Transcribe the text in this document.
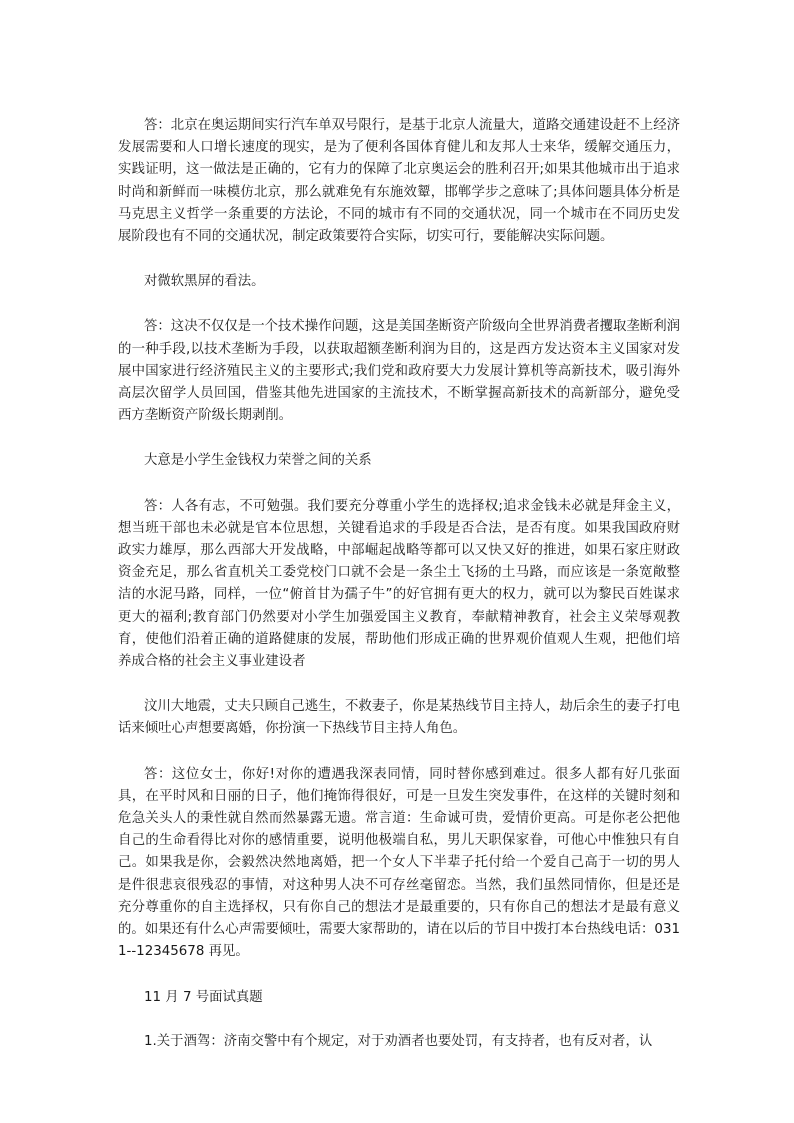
答：北京在奥运期间实行汽车单双号限行，是基于北京人流量大，道路交通建设赶不上经济发展需要和人口增长速度的现实，是为了便利各国体育健儿和友邦人士来华，缓解交通压力，实践证明，这一做法是正确的，它有力的保障了北京奥运会的胜利召开;如果其他城市出于追求时尚和新鲜而一味模仿北京，那么就难免有东施效颦，邯郸学步之意味了;具体问题具体分析是马克思主义哲学一条重要的方法论，不同的城市有不同的交通状况，同一个城市在不同历史发展阶段也有不同的交通状况，制定政策要符合实际，切实可行，要能解决实际问题。

对微软黑屏的看法。

答：这决不仅仅是一个技术操作问题，这是美国垄断资产阶级向全世界消费者攫取垄断利润的一种手段,以技术垄断为手段，以获取超额垄断利润为目的，这是西方发达资本主义国家对发展中国家进行经济殖民主义的主要形式;我们党和政府要大力发展计算机等高新技术，吸引海外高层次留学人员回国，借鉴其他先进国家的主流技术，不断掌握高新技术的高新部分，避免受西方垄断资产阶级长期剥削。

大意是小学生金钱权力荣誉之间的关系

答：人各有志，不可勉强。我们要充分尊重小学生的选择权;追求金钱未必就是拜金主义，想当班干部也未必就是官本位思想，关键看追求的手段是否合法，是否有度。如果我国政府财政实力雄厚，那么西部大开发战略，中部崛起战略等都可以又快又好的推进，如果石家庄财政资金充足，那么省直机关工委党校门口就不会是一条尘土飞扬的土马路，而应该是一条宽敞整洁的水泥马路，同样，一位“俯首甘为孺子牛”的好官拥有更大的权力，就可以为黎民百姓谋求更大的福利;教育部门仍然要对小学生加强爱国主义教育，奉献精神教育，社会主义荣辱观教育，使他们沿着正确的道路健康的发展，帮助他们形成正确的世界观价值观人生观，把他们培养成合格的社会主义事业建设者

汶川大地震，丈夫只顾自己逃生，不救妻子，你是某热线节目主持人，劫后余生的妻子打电话来倾吐心声想要离婚，你扮演一下热线节目主持人角色。

答：这位女士，你好!对你的遭遇我深表同情，同时替你感到难过。很多人都有好几张面具，在平时风和日丽的日子，他们掩饰得很好，可是一旦发生突发事件，在这样的关键时刻和危急关头人的秉性就自然而然暴露无遗。常言道：生命诚可贵，爱情价更高。可是你老公把他自己的生命看得比对你的感情重要，说明他极端自私，男儿天职保家眷，可他心中惟独只有自己。如果我是你，会毅然决然地离婚，把一个女人下半辈子托付给一个爱自己高于一切的男人是件很悲哀很残忍的事情，对这种男人决不可存丝毫留恋。当然，我们虽然同情你，但是还是充分尊重你的自主选择权，只有你自己的想法才是最重要的，只有你自己的想法才是最有意义的。如果还有什么心声需要倾吐，需要大家帮助的，请在以后的节目中拨打本台热线电话：0311--12345678 再见。

11 月 7 号面试真题

1.关于酒驾：济南交警中有个规定，对于劝酒者也要处罚，有支持者，也有反对者，认
